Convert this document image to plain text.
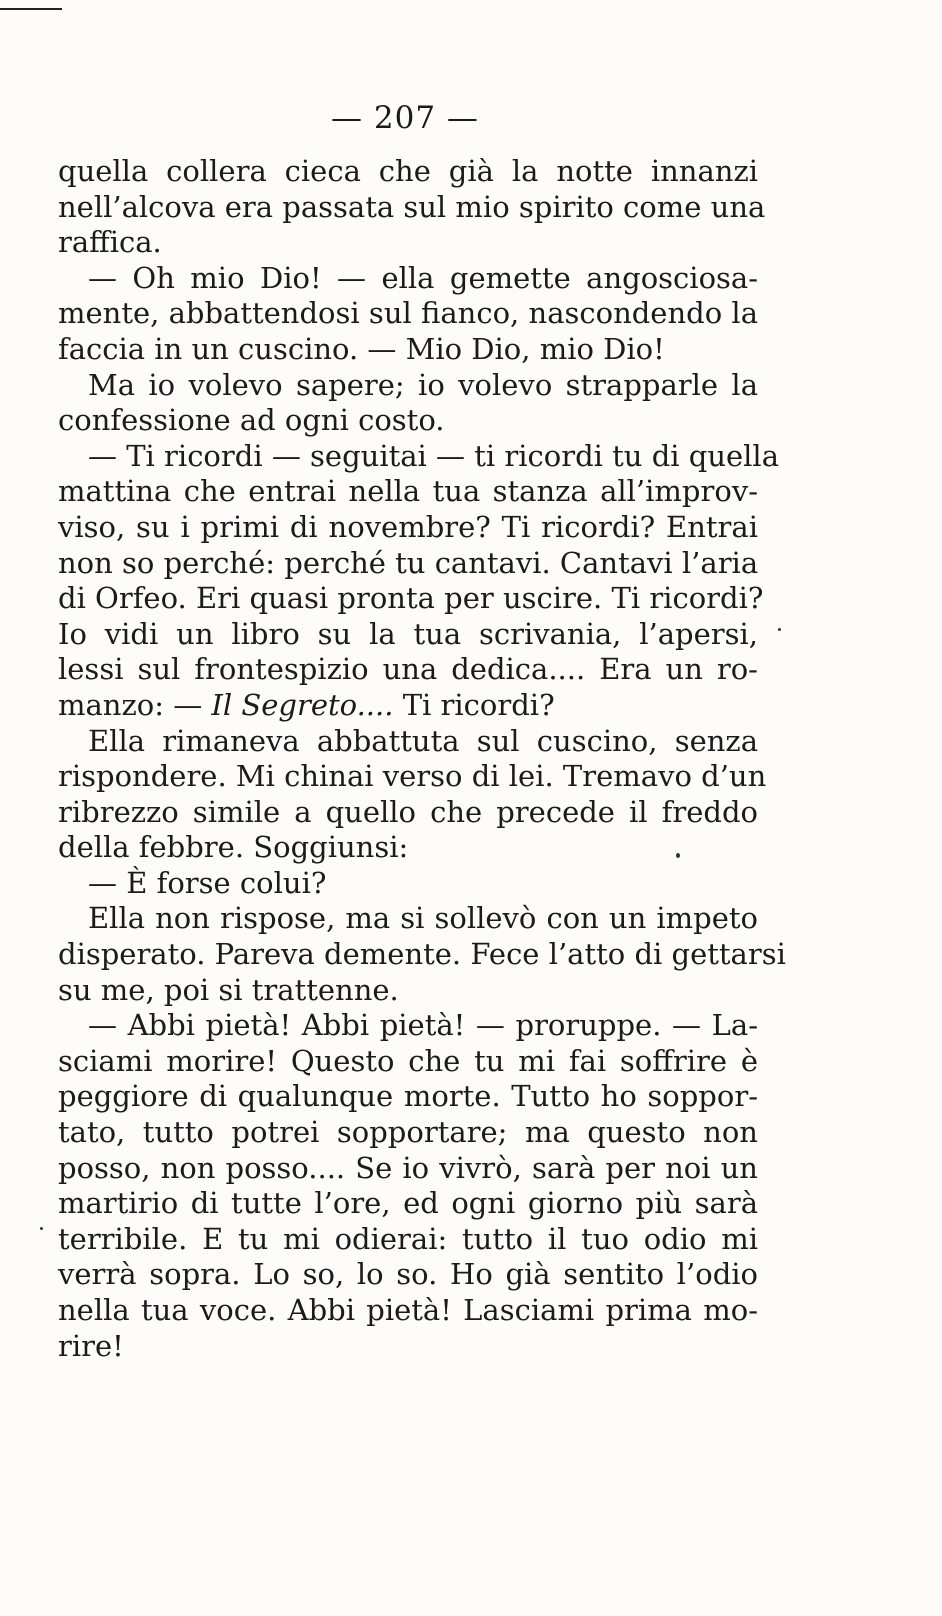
— 207 —
quella collera cieca che già la notte innanzi
nell’alcova era passata sul mio spirito come una
raffica.
— Oh mio Dio! — ella gemette angosciosa-
mente, abbattendosi sul fianco, nascondendo la
faccia in un cuscino. — Mio Dio, mio Dio!
Ma io volevo sapere; io volevo strapparle la
confessione ad ogni costo.
— Ti ricordi — seguitai — ti ricordi tu di quella
mattina che entrai nella tua stanza all’improv-
viso, su i primi di novembre? Ti ricordi? Entrai
non so perché: perché tu cantavi. Cantavi l’aria
di Orfeo. Eri quasi pronta per uscire. Ti ricordi?
Io vidi un libro su la tua scrivania, l’apersi,
lessi sul frontespizio una dedica.... Era un ro-
manzo: — Il Segreto.... Ti ricordi?
Ella rimaneva abbattuta sul cuscino, senza
rispondere. Mi chinai verso di lei. Tremavo d’un
ribrezzo simile a quello che precede il freddo
della febbre. Soggiunsi:
— È forse colui?
Ella non rispose, ma si sollevò con un impeto
disperato. Pareva demente. Fece l’atto di gettarsi
su me, poi si trattenne.
— Abbi pietà! Abbi pietà! — proruppe. — La-
sciami morire! Questo che tu mi fai soffrire è
peggiore di qualunque morte. Tutto ho soppor-
tato, tutto potrei sopportare; ma questo non
posso, non posso.... Se io vivrò, sarà per noi un
martirio di tutte l’ore, ed ogni giorno più sarà
terribile. E tu mi odierai: tutto il tuo odio mi
verrà sopra. Lo so, lo so. Ho già sentito l’odio
nella tua voce. Abbi pietà! Lasciami prima mo-
rire!
